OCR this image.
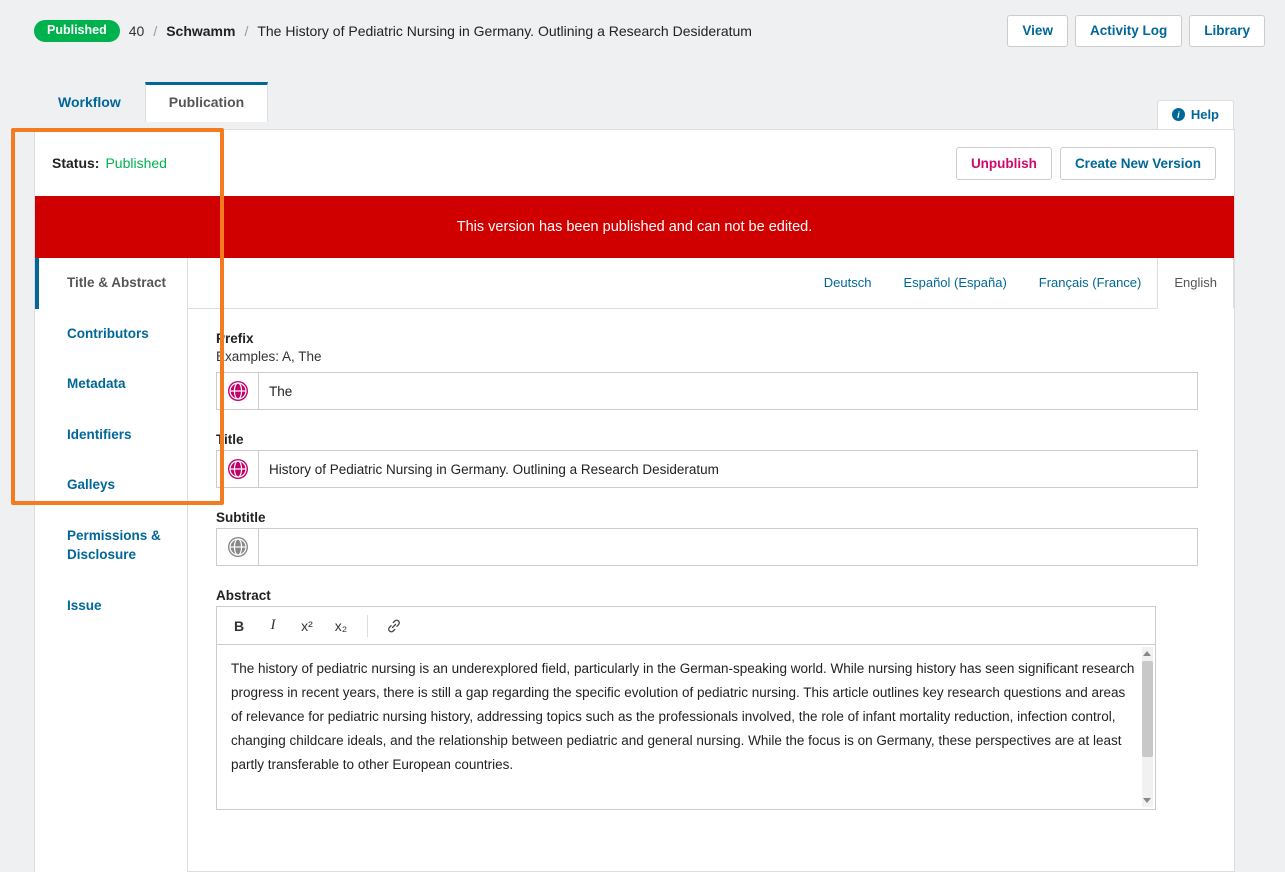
Published	40 / Schwamm / The History of Pediatric Nursing in Germany. Outlining a Research Desideratum	View	Activity Log	Library
Workflow	Publication
i Help
Status: Published	Unpublish	Create New Version
This version has been published and can not be edited.
Title & Abstract
Contributors
Metadata
Identifiers
Galleys
Permissions & Disclosure
Issue
Deutsch	Español (España)	Français (France)	English
Prefix
Examples: A, The
The
Title
History of Pediatric Nursing in Germany. Outlining a Research Desideratum
Subtitle
Abstract
B	I	x²	x₂
The history of pediatric nursing is an underexplored field, particularly in the German-speaking world. While nursing history has seen significant research progress in recent years, there is still a gap regarding the specific evolution of pediatric nursing. This article outlines key research questions and areas of relevance for pediatric nursing history, addressing topics such as the professionals involved, the role of infant mortality reduction, infection control, changing childcare ideals, and the relationship between pediatric and general nursing. While the focus is on Germany, these perspectives are at least partly transferable to other European countries.
